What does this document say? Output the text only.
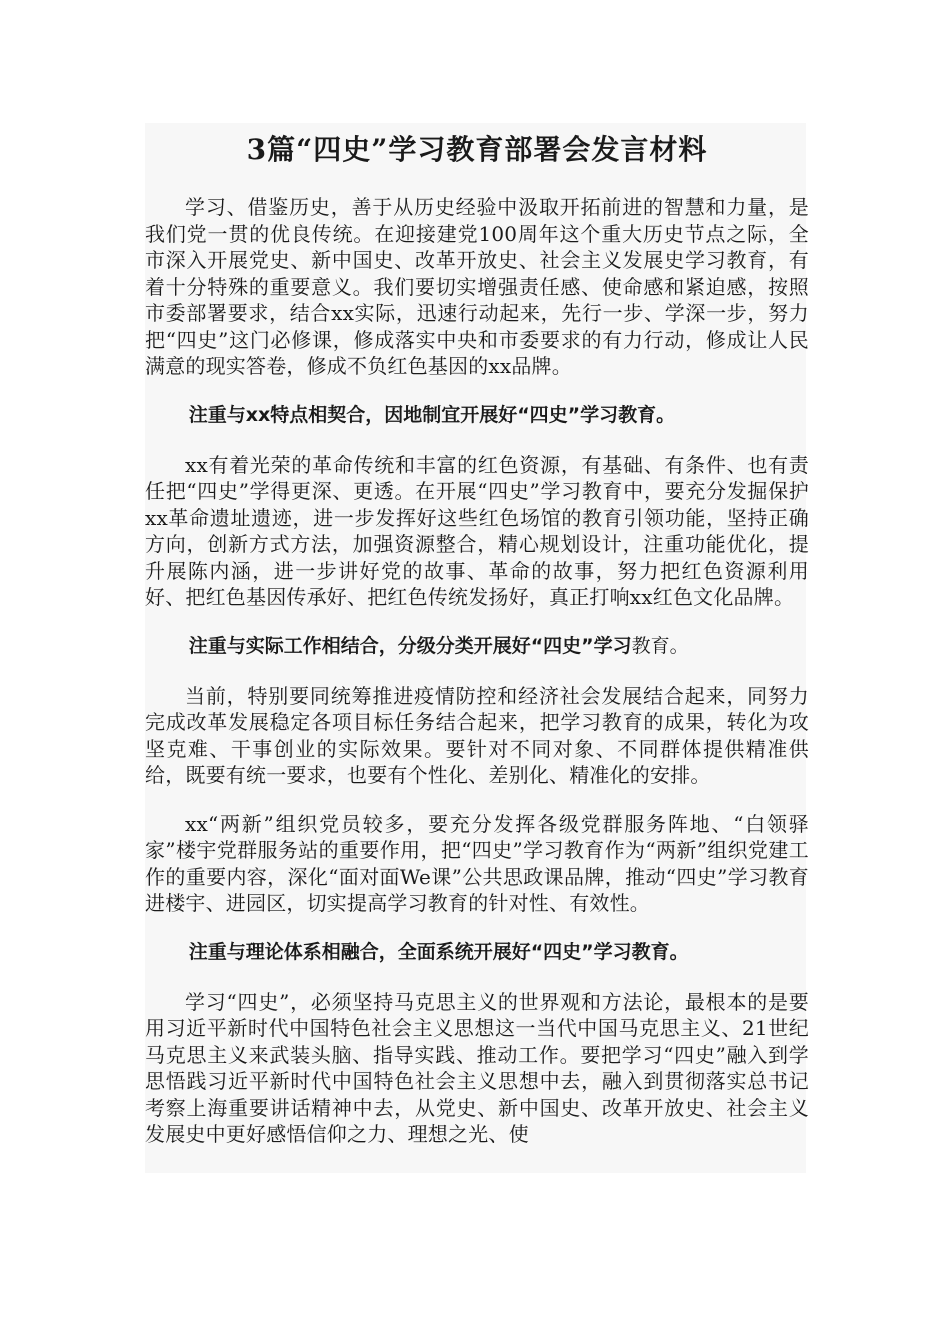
3篇“四史”学习教育部署会发言材料

学习、借鉴历史，善于从历史经验中汲取开拓前进的智慧和力量，是我们党一贯的优良传统。在迎接建党100周年这个重大历史节点之际，全市深入开展党史、新中国史、改革开放史、社会主义发展史学习教育，有着十分特殊的重要意义。我们要切实增强责任感、使命感和紧迫感，按照市委部署要求，结合xx实际，迅速行动起来，先行一步、学深一步，努力把“四史”这门必修课，修成落实中央和市委要求的有力行动，修成让人民满意的现实答卷，修成不负红色基因的xx品牌。

注重与xx特点相契合，因地制宜开展好“四史”学习教育。

xx有着光荣的革命传统和丰富的红色资源，有基础、有条件、也有责任把“四史”学得更深、更透。在开展“四史”学习教育中，要充分发掘保护xx革命遗址遗迹，进一步发挥好这些红色场馆的教育引领功能，坚持正确方向，创新方式方法，加强资源整合，精心规划设计，注重功能优化，提升展陈内涵，进一步讲好党的故事、革命的故事，努力把红色资源利用好、把红色基因传承好、把红色传统发扬好，真正打响xx红色文化品牌。

注重与实际工作相结合，分级分类开展好“四史”学习教育。

当前，特别要同统筹推进疫情防控和经济社会发展结合起来，同努力完成改革发展稳定各项目标任务结合起来，把学习教育的成果，转化为攻坚克难、干事创业的实际效果。要针对不同对象、不同群体提供精准供给，既要有统一要求，也要有个性化、差别化、精准化的安排。

xx“两新”组织党员较多，要充分发挥各级党群服务阵地、“白领驿家”楼宇党群服务站的重要作用，把“四史”学习教育作为“两新”组织党建工作的重要内容，深化“面对面We课”公共思政课品牌，推动“四史”学习教育进楼宇、进园区，切实提高学习教育的针对性、有效性。

注重与理论体系相融合，全面系统开展好“四史”学习教育。

学习“四史”，必须坚持马克思主义的世界观和方法论，最根本的是要用习近平新时代中国特色社会主义思想这一当代中国马克思主义、21世纪马克思主义来武装头脑、指导实践、推动工作。要把学习“四史”融入到学思悟践习近平新时代中国特色社会主义思想中去，融入到贯彻落实总书记考察上海重要讲话精神中去，从党史、新中国史、改革开放史、社会主义发展史中更好感悟信仰之力、理想之光、使
